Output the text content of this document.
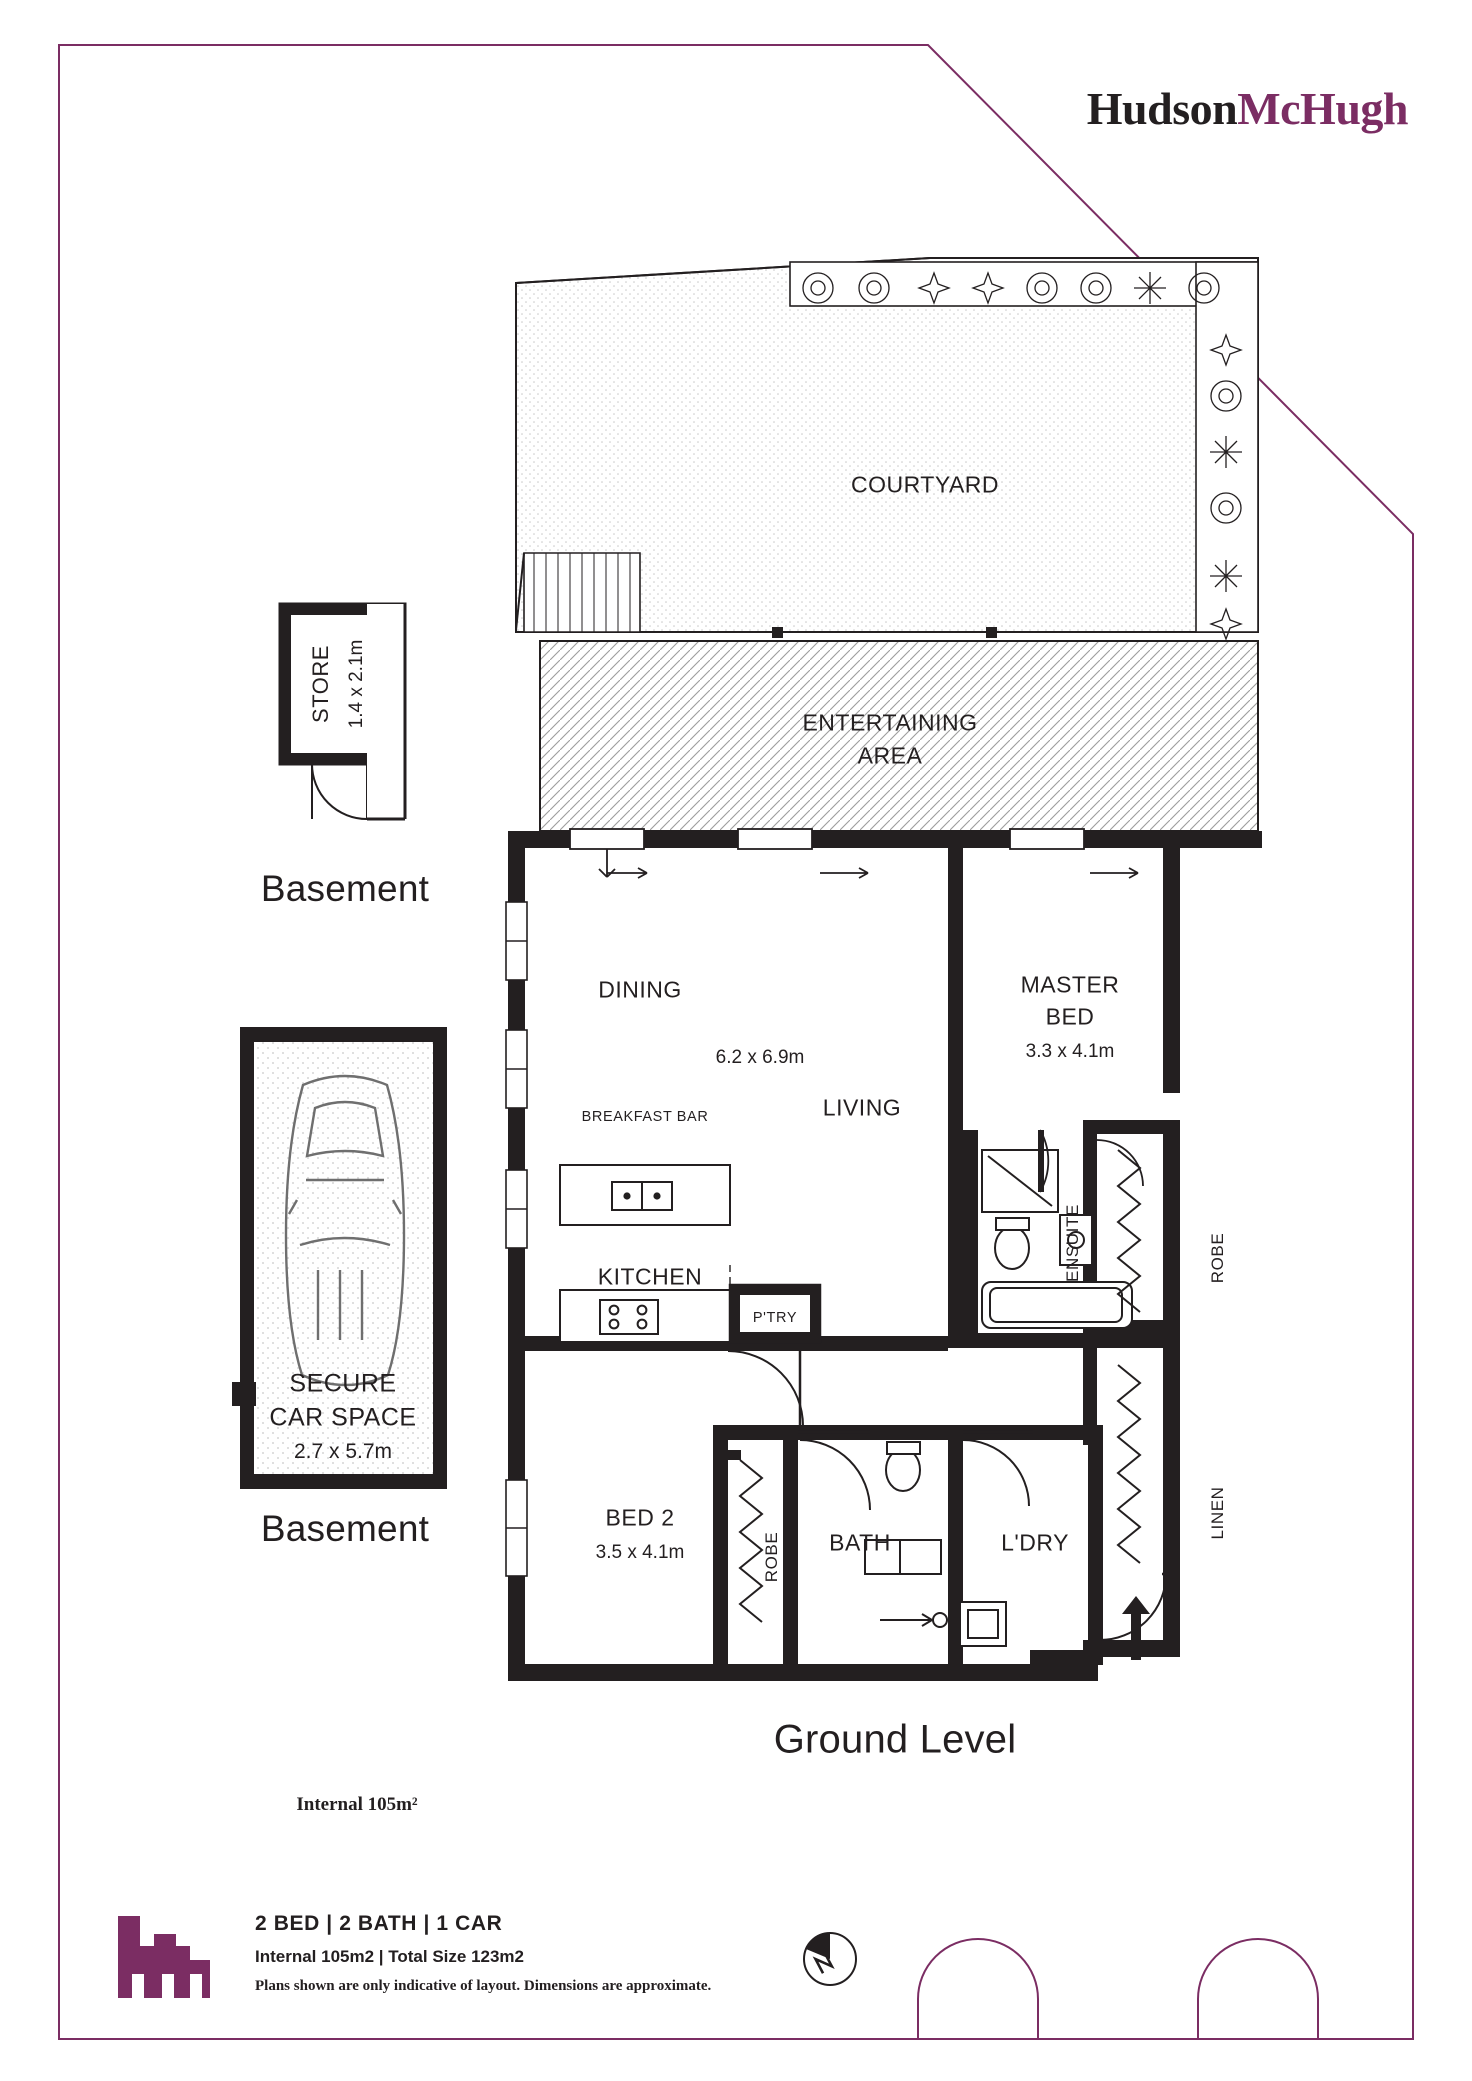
HudsonMcHugh
COURTYARD
ENTERTAINING
AREA
DINING
6.2 x 6.9m
LIVING
BREAKFAST BAR
KITCHEN
P'TRY
MASTER
BED
3.3 x 4.1m
ENSUITE	ROBE
LINEN
BED 2
3.5 x 4.1m	ROBE BATH	L'DRY
STORE 1.4 x 2.1m
SECURE
CAR SPACE
2.7 x 5.7m
Basement
Basement
Ground Level
Internal 105m²
2 BED | 2 BATH | 1 CAR
Internal 105m2 | Total Size 123m2
Plans shown are only indicative of layout. Dimensions are approximate.
